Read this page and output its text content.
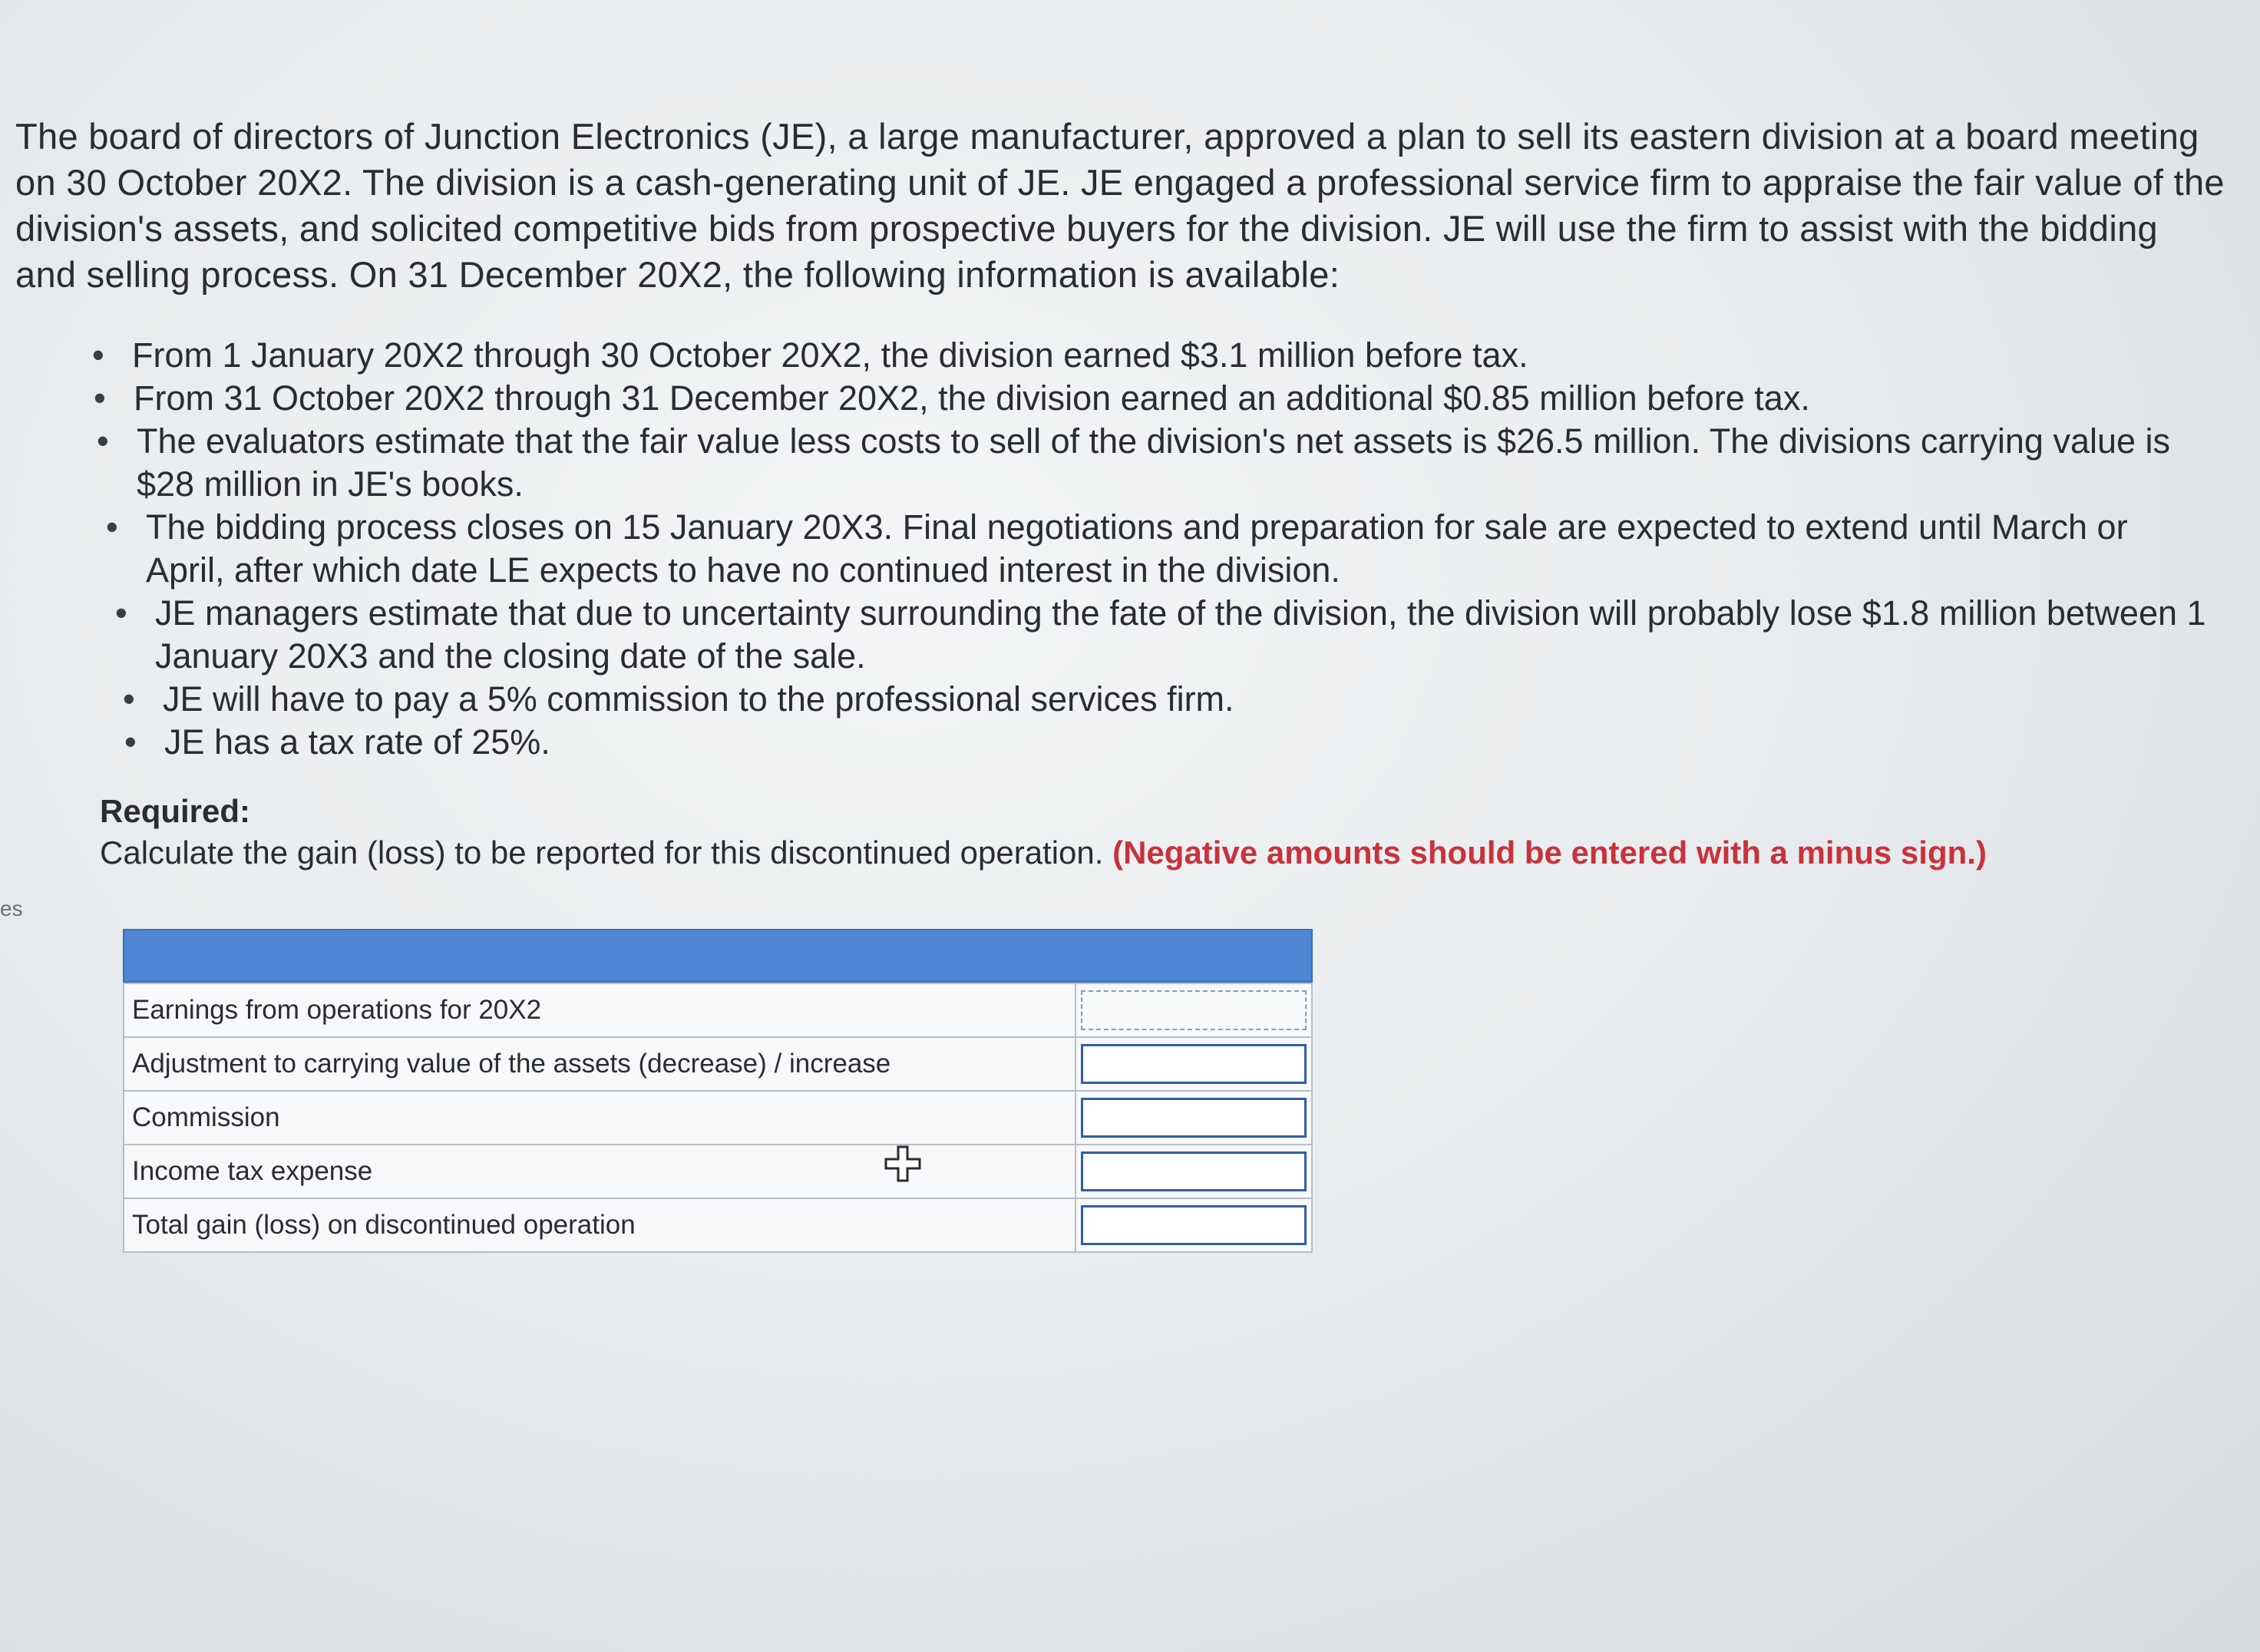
The board of directors of Junction Electronics (JE), a large manufacturer, approved a plan to sell its eastern division at a board meeting on 30 October 20X2. The division is a cash-generating unit of JE. JE engaged a professional service firm to appraise the fair value of the division's assets, and solicited competitive bids from prospective buyers for the division. JE will use the firm to assist with the bidding and selling process. On 31 December 20X2, the following information is available:

• From 1 January 20X2 through 30 October 20X2, the division earned $3.1 million before tax.
• From 31 October 20X2 through 31 December 20X2, the division earned an additional $0.85 million before tax.
• The evaluators estimate that the fair value less costs to sell of the division's net assets is $26.5 million. The divisions carrying value is $28 million in JE's books.
• The bidding process closes on 15 January 20X3. Final negotiations and preparation for sale are expected to extend until March or April, after which date LE expects to have no continued interest in the division.
• JE managers estimate that due to uncertainty surrounding the fate of the division, the division will probably lose $1.8 million between 1 January 20X3 and the closing date of the sale.
• JE will have to pay a 5% commission to the professional services firm.
• JE has a tax rate of 25%.
Required:
Calculate the gain (loss) to be reported for this discontinued operation. (Negative amounts should be entered with a minus sign.)
es
Earnings from operations for 20X2	
Adjustment to carrying value of the assets (decrease) / increase	
Commission	
Income tax expense	
Total gain (loss) on discontinued operation	
